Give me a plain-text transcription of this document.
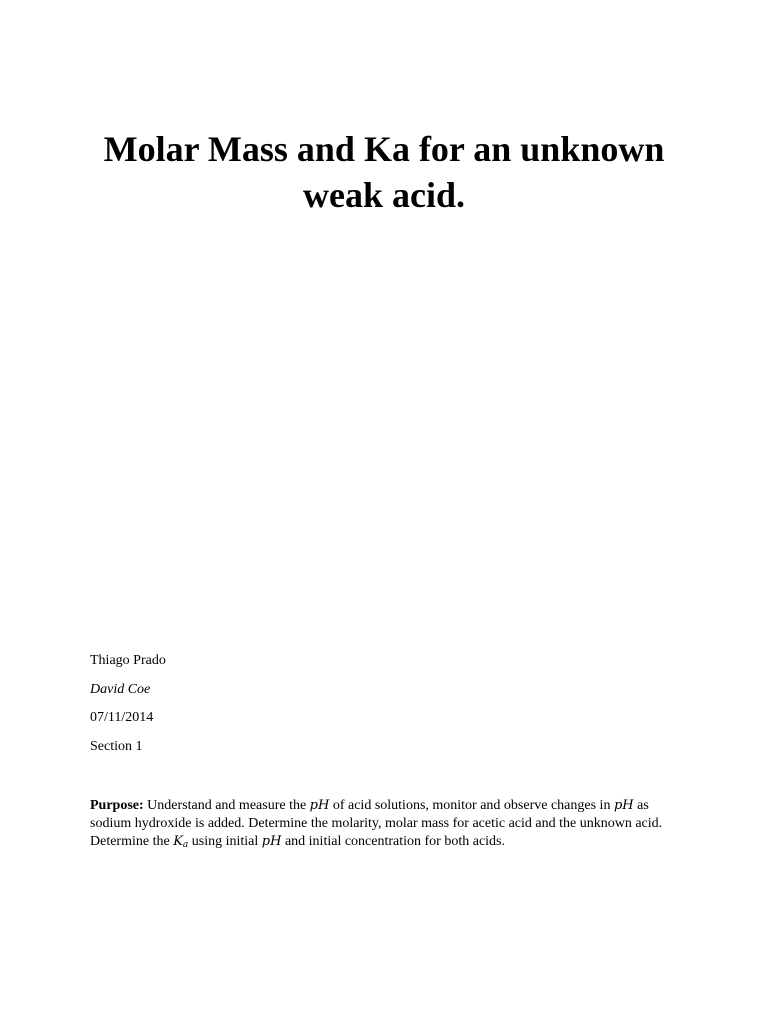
Molar Mass and Ka for an unknown weak acid.
Thiago Prado
David Coe
07/11/2014
Section 1

Purpose: Understand and measure the pH of acid solutions, monitor and observe changes in pH as sodium hydroxide is added. Determine the molarity, molar mass for acetic acid and the unknown acid. Determine the $K_a$ using initial pH and initial concentration for both acids.
